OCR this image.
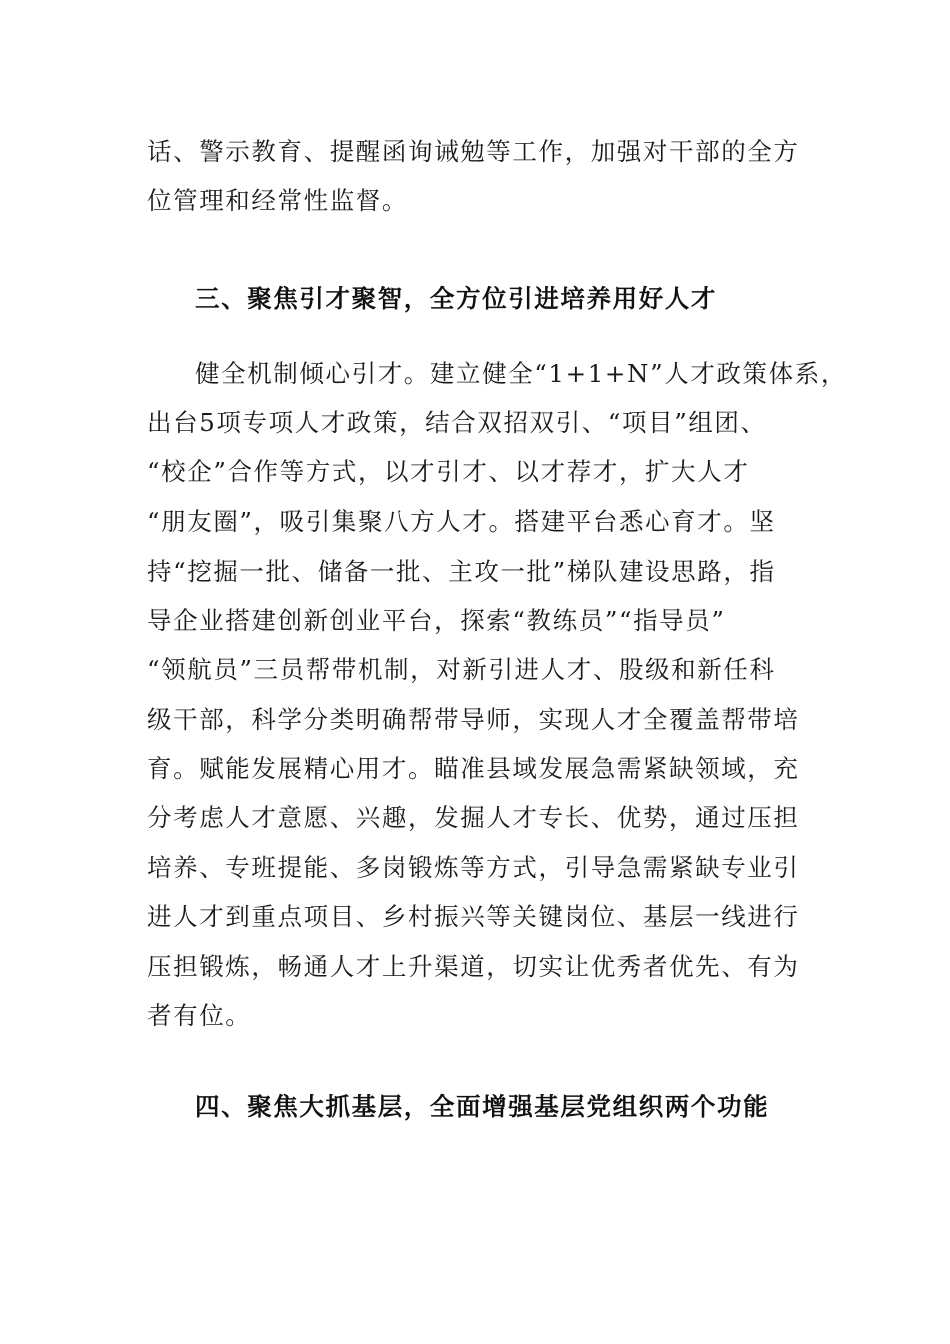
话、警示教育、提醒函询诫勉等工作，加强对干部的全方

位管理和经常性监督。

三、聚焦引才聚智，全方位引进培养用好人才

健全机制倾心引才。建立健全“1+1+N”人才政策体系，

出台5项专项人才政策，结合双招双引、“项目”组团、

“校企”合作等方式，以才引才、以才荐才，扩大人才

“朋友圈”，吸引集聚八方人才。搭建平台悉心育才。坚

持“挖掘一批、储备一批、主攻一批”梯队建设思路，指

导企业搭建创新创业平台，探索“教练员”“指导员”

“领航员”三员帮带机制，对新引进人才、股级和新任科

级干部，科学分类明确帮带导师，实现人才全覆盖帮带培

育。赋能发展精心用才。瞄准县域发展急需紧缺领域，充

分考虑人才意愿、兴趣，发掘人才专长、优势，通过压担

培养、专班提能、多岗锻炼等方式，引导急需紧缺专业引

进人才到重点项目、乡村振兴等关键岗位、基层一线进行

压担锻炼，畅通人才上升渠道，切实让优秀者优先、有为

者有位。

四、聚焦大抓基层，全面增强基层党组织两个功能
